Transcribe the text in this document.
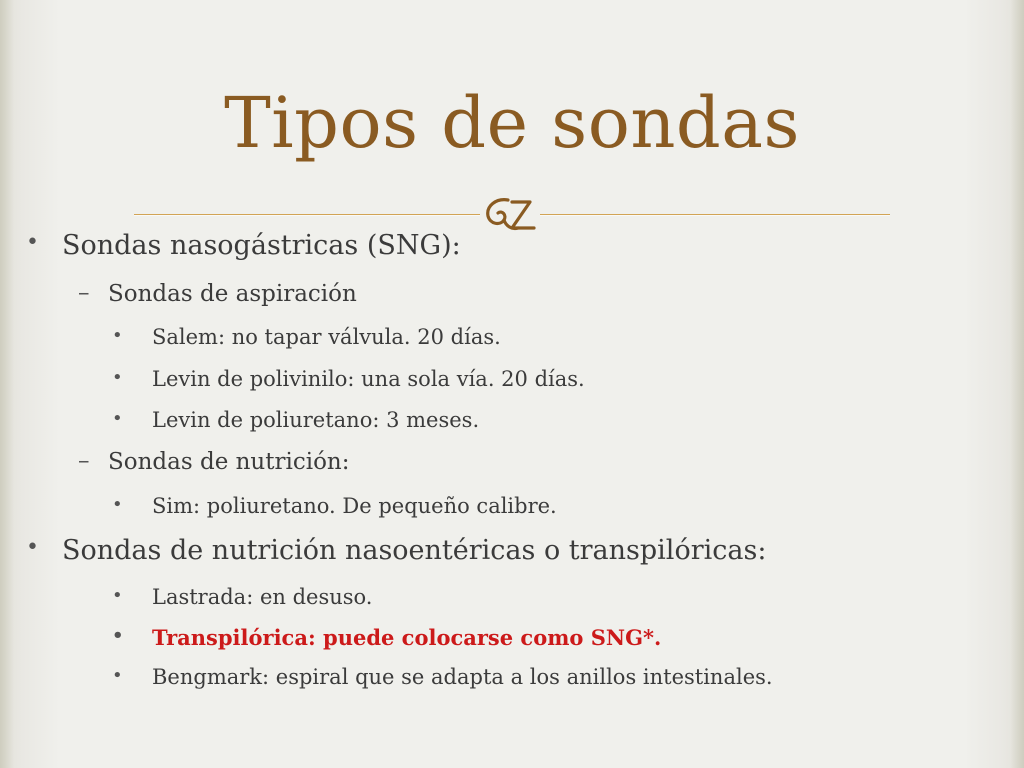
Tipos de sondas
• Sondas nasogástricas (SNG):
– Sondas de aspiración
• Salem: no tapar válvula. 20 días.
• Levin de polivinilo: una sola vía. 20 días.
• Levin de poliuretano: 3 meses.
– Sondas de nutrición:
• Sim: poliuretano. De pequeño calibre.
• Sondas de nutrición nasoentéricas o transpilóricas:
• Lastrada: en desuso.
• Transpilórica: puede colocarse como SNG*.
• Bengmark: espiral que se adapta a los anillos intestinales.
